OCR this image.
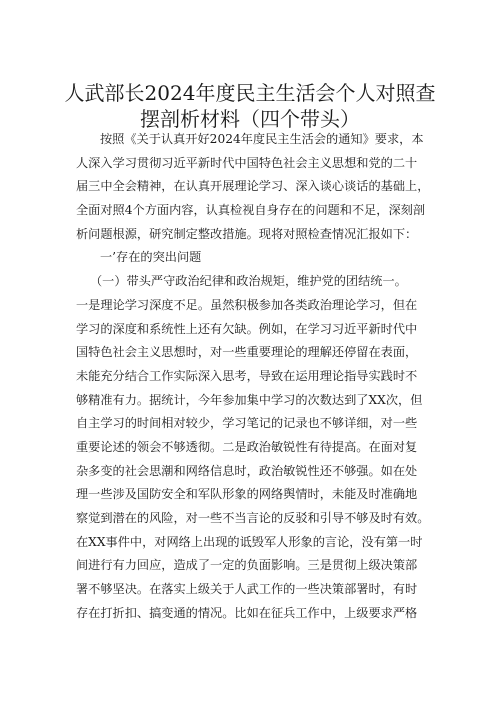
人武部长2024年度民主生活会个人对照查
摆剖析材料（四个带头）
按照《关于认真开好2024年度民主生活会的通知》要求，本
人深入学习贯彻习近平新时代中国特色社会主义思想和党的二十
届三中全会精神，在认真开展理论学习、深入谈心谈话的基础上，
全面对照4个方面内容，认真检视自身存在的问题和不足，深刻剖
析问题根源，研究制定整改措施。现将对照检查情况汇报如下：
一’存在的突出问题
（一）带头严守政治纪律和政治规矩，维护党的团结统一。
一是理论学习深度不足。虽然积极参加各类政治理论学习，但在
学习的深度和系统性上还有欠缺。例如，在学习习近平新时代中
国特色社会主义思想时，对一些重要理论的理解还停留在表面，
未能充分结合工作实际深入思考，导致在运用理论指导实践时不
够精准有力。据统计，今年参加集中学习的次数达到了XX次，但
自主学习的时间相对较少，学习笔记的记录也不够详细，对一些
重要论述的领会不够透彻。二是政治敏锐性有待提高。在面对复
杂多变的社会思潮和网络信息时，政治敏锐性还不够强。如在处
理一些涉及国防安全和军队形象的网络舆情时，未能及时准确地
察觉到潜在的风险，对一些不当言论的反驳和引导不够及时有效。
在XX事件中，对网络上出现的诋毁军人形象的言论，没有第一时
间进行有力回应，造成了一定的负面影响。三是贯彻上级决策部
署不够坚决。在落实上级关于人武工作的一些决策部署时，有时
存在打折扣、搞变通的情况。比如在征兵工作中，上级要求严格
